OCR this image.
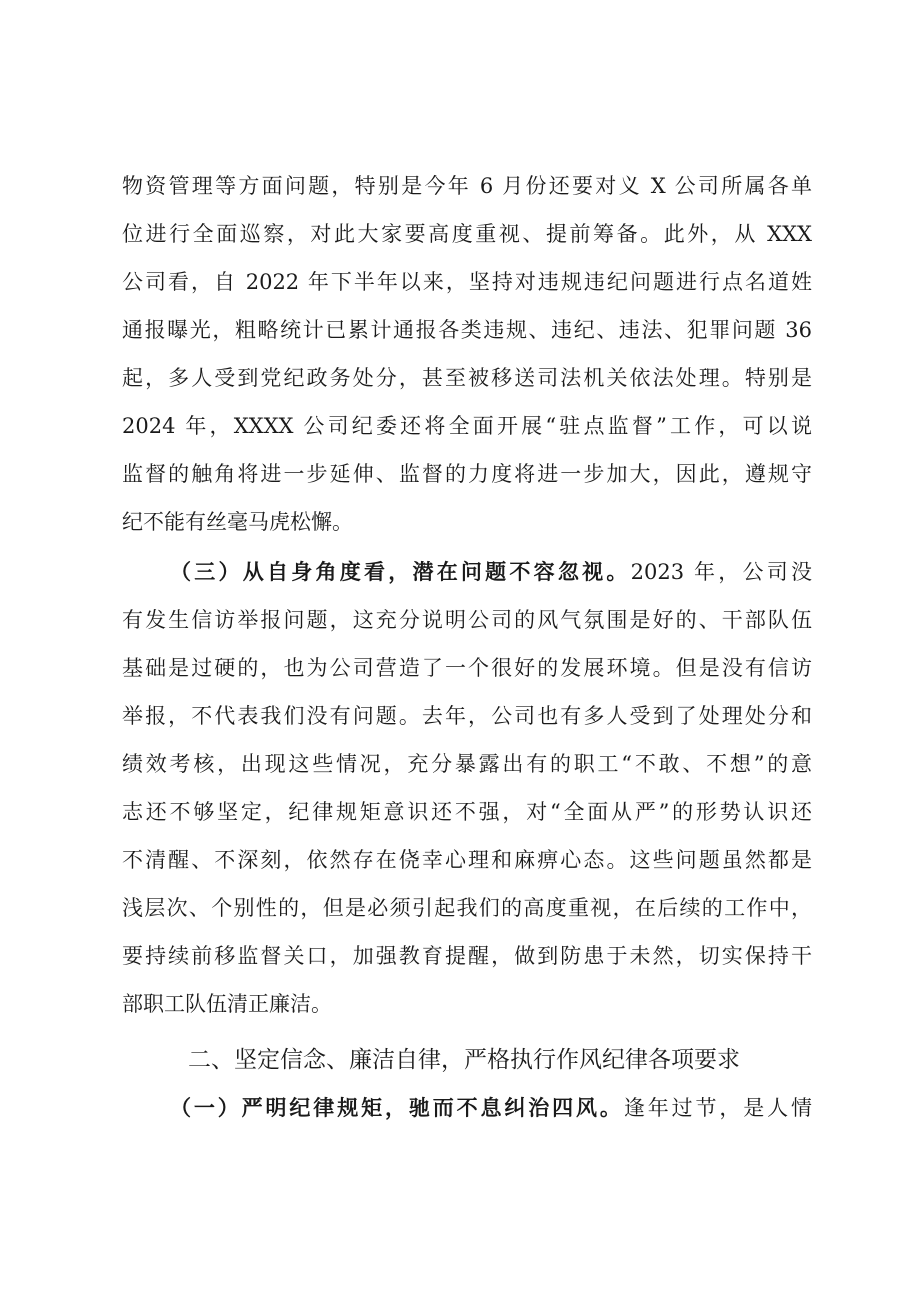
物资管理等方面问题，特别是今年 6 月份还要对义 X 公司所属各单
位进行全面巡察，对此大家要高度重视、提前筹备。此外，从 XXX
公司看，自 2022 年下半年以来，坚持对违规违纪问题进行点名道姓
通报曝光，粗略统计已累计通报各类违规、违纪、违法、犯罪问题 36
起，多人受到党纪政务处分，甚至被移送司法机关依法处理。特别是
2024 年，XXXX 公司纪委还将全面开展“驻点监督”工作，可以说
监督的触角将进一步延伸、监督的力度将进一步加大，因此，遵规守
纪不能有丝毫马虎松懈。
（三）从自身角度看，潜在问题不容忽视。2023 年，公司没
有发生信访举报问题，这充分说明公司的风气氛围是好的、干部队伍
基础是过硬的，也为公司营造了一个很好的发展环境。但是没有信访
举报，不代表我们没有问题。去年，公司也有多人受到了处理处分和
绩效考核，出现这些情况，充分暴露出有的职工“不敢、不想”的意
志还不够坚定，纪律规矩意识还不强，对“全面从严”的形势认识还
不清醒、不深刻，依然存在侥幸心理和麻痹心态。这些问题虽然都是
浅层次、个别性的，但是必须引起我们的高度重视，在后续的工作中，
要持续前移监督关口，加强教育提醒，做到防患于未然，切实保持干
部职工队伍清正廉洁。
二、坚定信念、廉洁自律，严格执行作风纪律各项要求
（一）严明纪律规矩，驰而不息纠治四风。逢年过节，是人情
